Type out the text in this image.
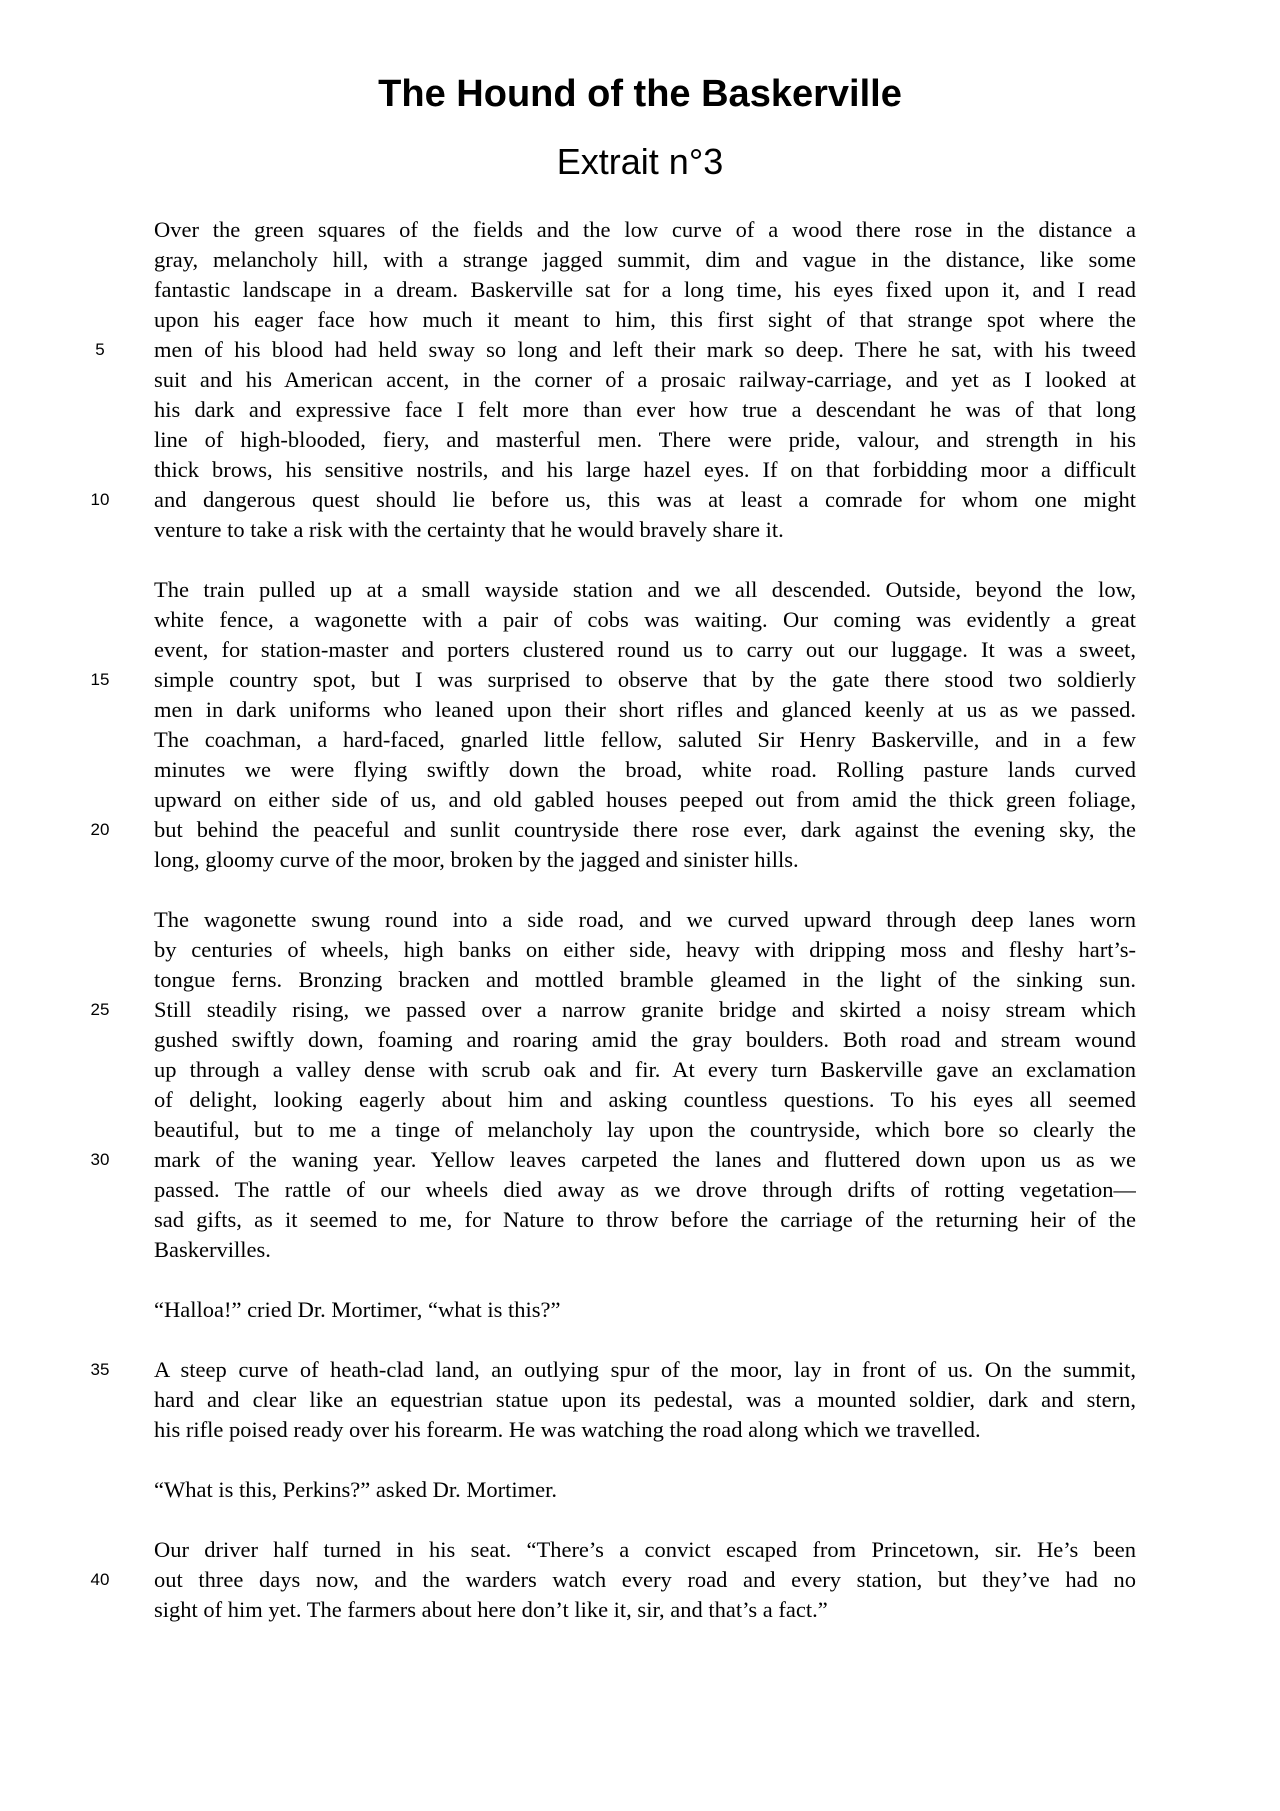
The Hound of the Baskerville
Extrait n°3
5
10
15
20
25
30
35
40
Over the green squares of the fields and the low curve of a wood there rose in the distance a
gray, melancholy hill, with a strange jagged summit, dim and vague in the distance, like some
fantastic landscape in a dream. Baskerville sat for a long time, his eyes fixed upon it, and I read
upon his eager face how much it meant to him, this first sight of that strange spot where the
men of his blood had held sway so long and left their mark so deep. There he sat, with his tweed
suit and his American accent, in the corner of a prosaic railway-carriage, and yet as I looked at
his dark and expressive face I felt more than ever how true a descendant he was of that long
line of high-blooded, fiery, and masterful men. There were pride, valour, and strength in his
thick brows, his sensitive nostrils, and his large hazel eyes. If on that forbidding moor a difficult
and dangerous quest should lie before us, this was at least a comrade for whom one might
venture to take a risk with the certainty that he would bravely share it.
The train pulled up at a small wayside station and we all descended. Outside, beyond the low,
white fence, a wagonette with a pair of cobs was waiting. Our coming was evidently a great
event, for station-master and porters clustered round us to carry out our luggage. It was a sweet,
simple country spot, but I was surprised to observe that by the gate there stood two soldierly
men in dark uniforms who leaned upon their short rifles and glanced keenly at us as we passed.
The coachman, a hard-faced, gnarled little fellow, saluted Sir Henry Baskerville, and in a few
minutes we were flying swiftly down the broad, white road. Rolling pasture lands curved
upward on either side of us, and old gabled houses peeped out from amid the thick green foliage,
but behind the peaceful and sunlit countryside there rose ever, dark against the evening sky, the
long, gloomy curve of the moor, broken by the jagged and sinister hills.
The wagonette swung round into a side road, and we curved upward through deep lanes worn
by centuries of wheels, high banks on either side, heavy with dripping moss and fleshy hart’s-
tongue ferns. Bronzing bracken and mottled bramble gleamed in the light of the sinking sun.
Still steadily rising, we passed over a narrow granite bridge and skirted a noisy stream which
gushed swiftly down, foaming and roaring amid the gray boulders. Both road and stream wound
up through a valley dense with scrub oak and fir. At every turn Baskerville gave an exclamation
of delight, looking eagerly about him and asking countless questions. To his eyes all seemed
beautiful, but to me a tinge of melancholy lay upon the countryside, which bore so clearly the
mark of the waning year. Yellow leaves carpeted the lanes and fluttered down upon us as we
passed. The rattle of our wheels died away as we drove through drifts of rotting vegetation—
sad gifts, as it seemed to me, for Nature to throw before the carriage of the returning heir of the
Baskervilles.
“Halloa!” cried Dr. Mortimer, “what is this?”
A steep curve of heath-clad land, an outlying spur of the moor, lay in front of us. On the summit,
hard and clear like an equestrian statue upon its pedestal, was a mounted soldier, dark and stern,
his rifle poised ready over his forearm. He was watching the road along which we travelled.
“What is this, Perkins?” asked Dr. Mortimer.
Our driver half turned in his seat. “There’s a convict escaped from Princetown, sir. He’s been
out three days now, and the warders watch every road and every station, but they’ve had no
sight of him yet. The farmers about here don’t like it, sir, and that’s a fact.”
